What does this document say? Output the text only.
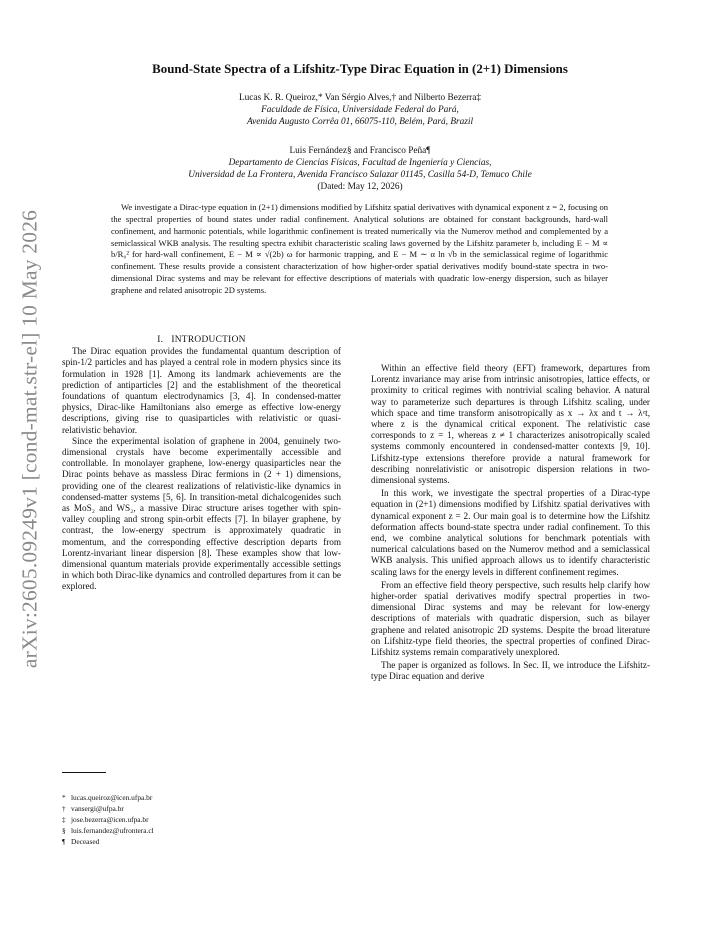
arXiv:2605.09249v1 [cond-mat.str-el] 10 May 2026
Bound-State Spectra of a Lifshitz-Type Dirac Equation in (2+1) Dimensions
Lucas K. R. Queiroz,* Van Sérgio Alves,† and Nilberto Bezerra‡
Faculdade de Física, Universidade Federal do Pará,
Avenida Augusto Corrêa 01, 66075-110, Belém, Pará, Brazil
Luis Fernández§ and Francisco Peña¶
Departamento de Ciencias Físicas, Facultad de Ingeniería y Ciencias,
Universidad de La Frontera, Avenida Francisco Salazar 01145, Casilla 54-D, Temuco Chile
(Dated: May 12, 2026)

We investigate a Dirac-type equation in (2+1) dimensions modified by Lifshitz spatial derivatives with dynamical exponent z = 2, focusing on the spectral properties of bound states under radial confinement. Analytical solutions are obtained for constant backgrounds, hard-wall confinement, and harmonic potentials, while logarithmic confinement is treated numerically via the Numerov method and complemented by a semiclassical WKB analysis. The resulting spectra exhibit characteristic scaling laws governed by the Lifshitz parameter b, including E − M ∝ b/R₀² for hard-wall confinement, E − M ∝ √(2b) ω for harmonic trapping, and E − M ∼ α ln √b in the semiclassical regime of logarithmic confinement. These results provide a consistent characterization of how higher-order spatial derivatives modify bound-state spectra in two-dimensional Dirac systems and may be relevant for effective descriptions of materials with quadratic low-energy dispersion, such as bilayer graphene and related anisotropic 2D systems.

I. INTRODUCTION

The Dirac equation provides the fundamental quantum description of spin-1/2 particles and has played a central role in modern physics since its formulation in 1928 [1]. Among its landmark achievements are the prediction of antiparticles [2] and the establishment of the theoretical foundations of quantum electrodynamics [3, 4]. In condensed-matter physics, Dirac-like Hamiltonians also emerge as effective low-energy descriptions, giving rise to quasiparticles with relativistic or quasi-relativistic behavior.

Since the experimental isolation of graphene in 2004, genuinely two-dimensional crystals have become experimentally accessible and controllable. In monolayer graphene, low-energy quasiparticles near the Dirac points behave as massless Dirac fermions in (2 + 1) dimensions, providing one of the clearest realizations of relativistic-like dynamics in condensed-matter systems [5, 6]. In transition-metal dichalcogenides such as MoS₂ and WS₂, a massive Dirac structure arises together with spin-valley coupling and strong spin-orbit effects [7]. In bilayer graphene, by contrast, the low-energy spectrum is approximately quadratic in momentum, and the corresponding effective description departs from Lorentz-invariant linear dispersion [8]. These examples show that low-dimensional quantum materials provide experimentally accessible settings in which both Dirac-like dynamics and controlled departures from it can be explored.

Within an effective field theory (EFT) framework, departures from Lorentz invariance may arise from intrinsic anisotropies, lattice effects, or proximity to critical regimes with nontrivial scaling behavior. A natural way to parameterize such departures is through Lifshitz scaling, under which space and time transform anisotropically as x → λx and t → λᶻt, where z is the dynamical critical exponent. The relativistic case corresponds to z = 1, whereas z ≠ 1 characterizes anisotropically scaled systems commonly encountered in condensed-matter contexts [9, 10]. Lifshitz-type extensions therefore provide a natural framework for describing nonrelativistic or anisotropic dispersion relations in two-dimensional systems.

In this work, we investigate the spectral properties of a Dirac-type equation in (2+1) dimensions modified by Lifshitz spatial derivatives with dynamical exponent z = 2. Our main goal is to determine how the Lifshitz deformation affects bound-state spectra under radial confinement. To this end, we combine analytical solutions for benchmark potentials with numerical calculations based on the Numerov method and a semiclassical WKB analysis. This unified approach allows us to identify characteristic scaling laws for the energy levels in different confinement regimes.

From an effective field theory perspective, such results help clarify how higher-order spatial derivatives modify spectral properties in two-dimensional Dirac systems and may be relevant for low-energy descriptions of materials with quadratic dispersion, such as bilayer graphene and related anisotropic 2D systems. Despite the broad literature on Lifshitz-type field theories, the spectral properties of confined Dirac-Lifshitz systems remain comparatively unexplored.

The paper is organized as follows. In Sec. II, we introduce the Lifshitz-type Dirac equation and derive

* lucas.queiroz@icen.ufpa.br
† vansergi@ufpa.br
‡ jose.bezerra@icen.ufpa.br
§ luis.fernandez@ufrontera.cl
¶ Deceased
